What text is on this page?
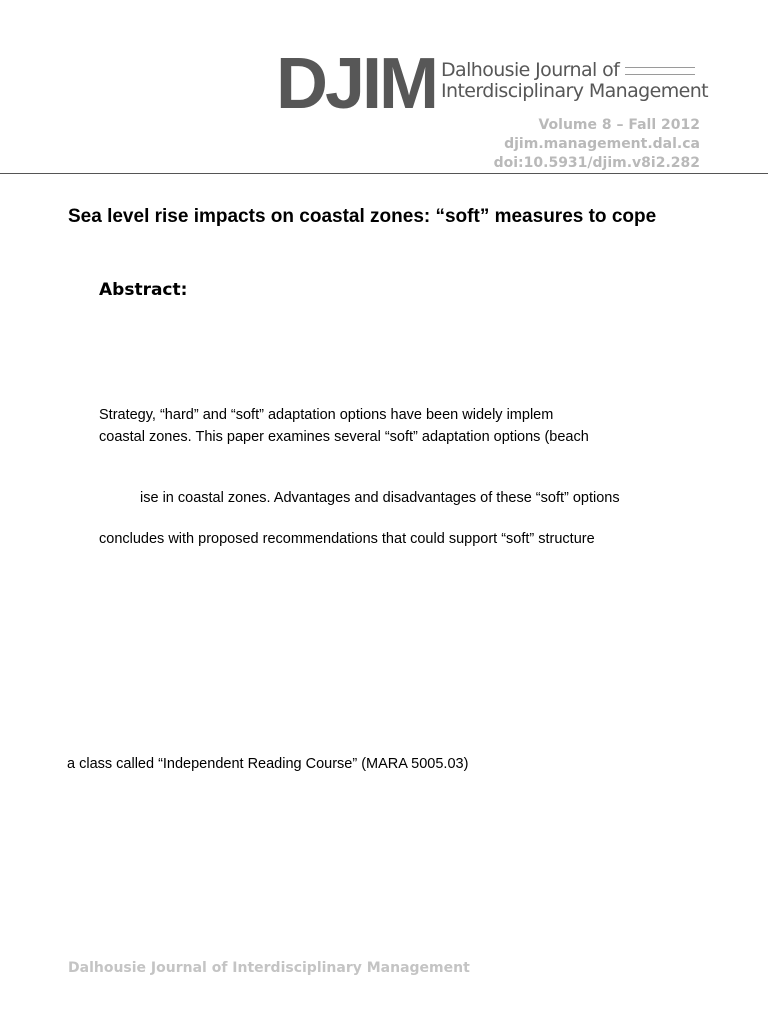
DJIM Dalhousie Journal of
Interdisciplinary Management
Volume 8 – Fall 2012
djim.management.dal.ca
doi:10.5931/djim.v8i2.282
Sea level rise impacts on coastal zones: “soft” measures to cope
Abstract:
Strategy, “hard” and “soft” adaptation options have been widely implem
coastal zones. This paper examines several “soft” adaptation options (beach
ise in coastal zones. Advantages and disadvantages of these “soft” options
concludes with proposed recommendations that could support “soft” structure
a class called “Independent Reading Course” (MARA 5005.03)
Dalhousie Journal of Interdisciplinary Management
